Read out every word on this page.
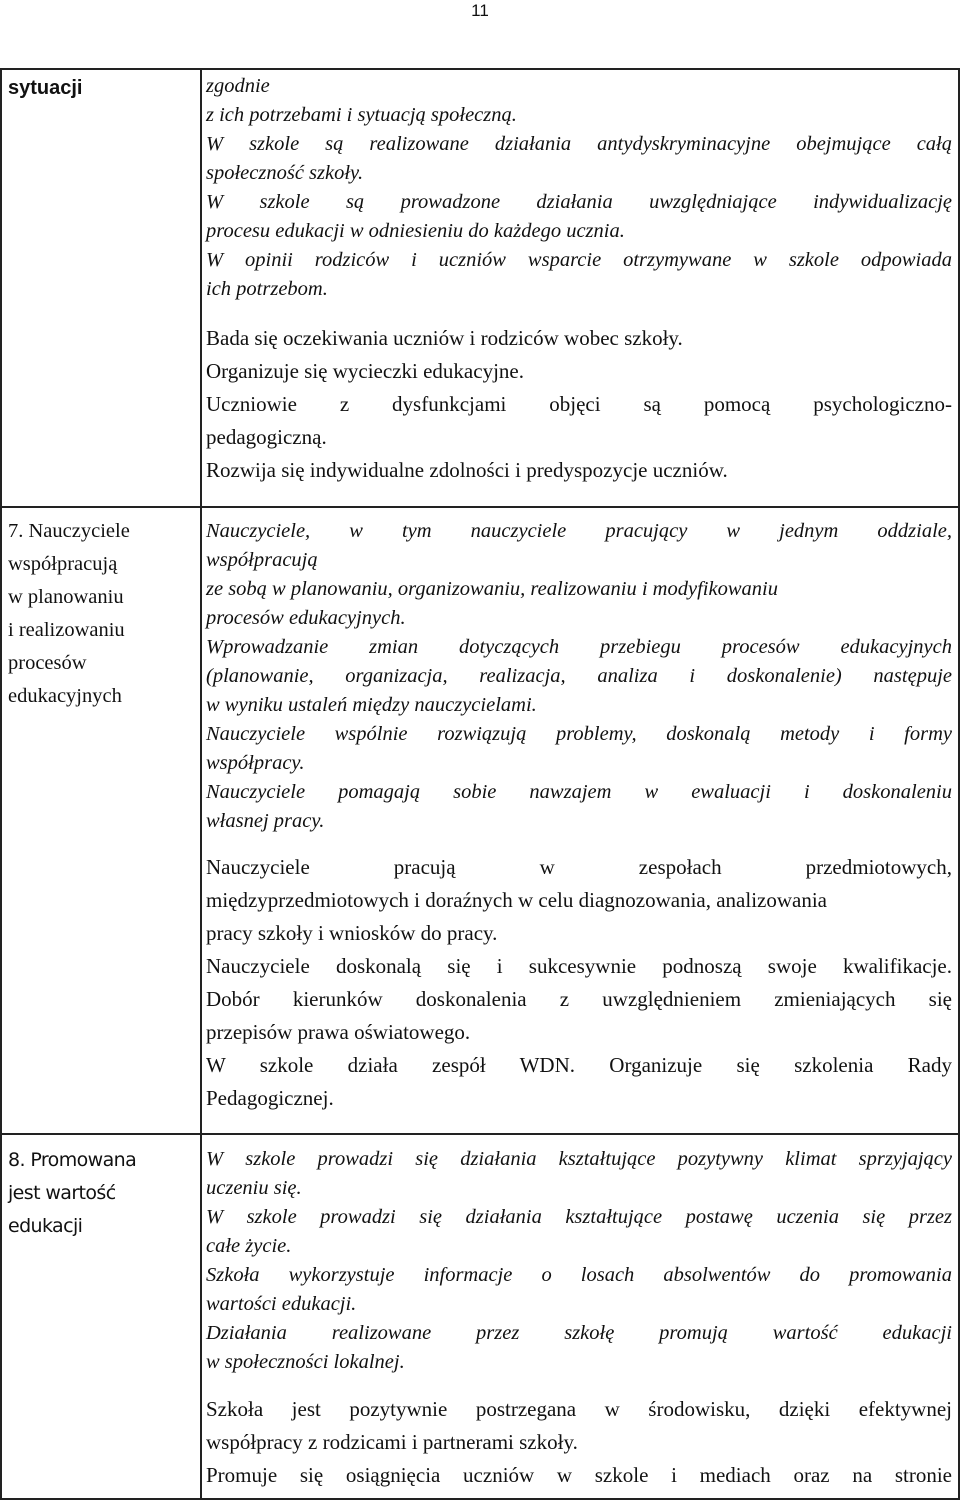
11
sytuacji	zgodnie
z ich potrzebami i sytuacją społeczną.
W szkole są realizowane działania antydyskryminacyjne obejmujące całą
społeczność szkoły.
W szkole są prowadzone działania uwzględniające indywidualizację
procesu edukacji w odniesieniu do każdego ucznia.
W opinii rodziców i uczniów wsparcie otrzymywane w szkole odpowiada
ich potrzebom.
Bada się oczekiwania uczniów i rodziców wobec szkoły.
Organizuje się wycieczki edukacyjne.
Uczniowie z dysfunkcjami objęci są pomocą psychologiczno-
pedagogiczną.
Rozwija się indywidualne zdolności i predyspozycje uczniów.
7. Nauczyciele
współpracują
w planowaniu
i realizowaniu
procesów
edukacyjnych
Nauczyciele, w tym nauczyciele pracujący w jednym oddziale,
współpracują
ze sobą w planowaniu, organizowaniu, realizowaniu i modyfikowaniu
procesów edukacyjnych.
Wprowadzanie zmian dotyczących przebiegu procesów edukacyjnych
(planowanie, organizacja, realizacja, analiza i doskonalenie) następuje
w wyniku ustaleń między nauczycielami.
Nauczyciele wspólnie rozwiązują problemy, doskonalą metody i formy
współpracy.
Nauczyciele pomagają sobie nawzajem w ewaluacji i doskonaleniu
własnej pracy.
Nauczyciele pracują w zespołach przedmiotowych,
międzyprzedmiotowych i doraźnych w celu diagnozowania, analizowania
pracy szkoły i wniosków do pracy.
Nauczyciele doskonalą się i sukcesywnie podnoszą swoje kwalifikacje.
Dobór kierunków doskonalenia z uwzględnieniem zmieniających się
przepisów prawa oświatowego.
W szkole działa zespół WDN. Organizuje się szkolenia Rady
Pedagogicznej.
8. Promowana
jest wartość
edukacji
W szkole prowadzi się działania kształtujące pozytywny klimat sprzyjający
uczeniu się.
W szkole prowadzi się działania kształtujące postawę uczenia się przez
całe życie.
Szkoła wykorzystuje informacje o losach absolwentów do promowania
wartości edukacji.
Działania realizowane przez szkołę promują wartość edukacji
w społeczności lokalnej.
Szkoła jest pozytywnie postrzegana w środowisku, dzięki efektywnej
współpracy z rodzicami i partnerami szkoły.
Promuje się osiągnięcia uczniów w szkole i mediach oraz na stronie
